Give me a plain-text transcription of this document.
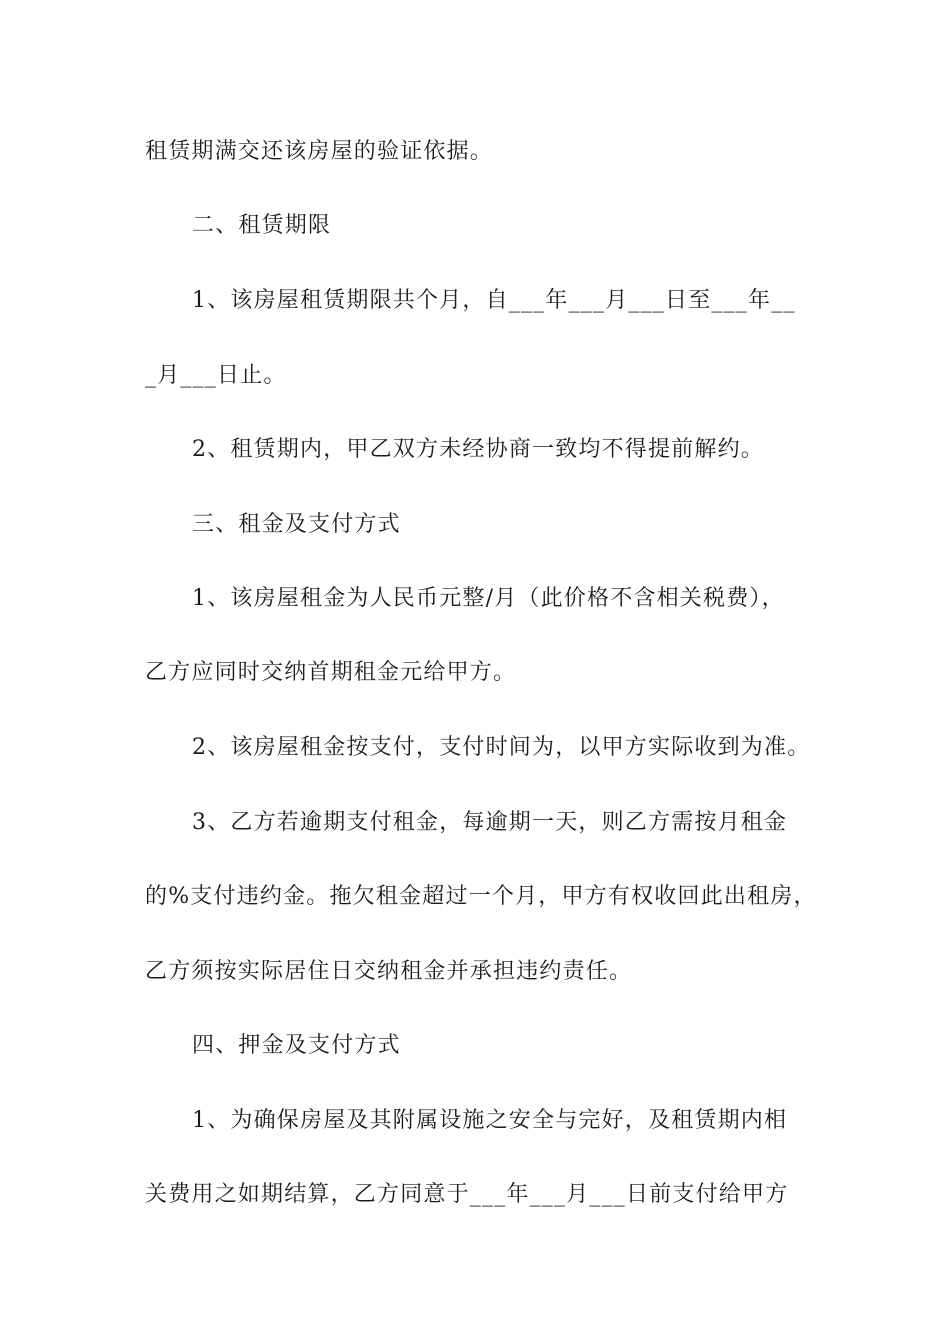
租赁期满交还该房屋的验证依据。
二、租赁期限
1、该房屋租赁期限共个月，自___年___月___日至___年__
_月___日止。
2、租赁期内，甲乙双方未经协商一致均不得提前解约。
三、租金及支付方式
1、该房屋租金为人民币元整/月（此价格不含相关税费），
乙方应同时交纳首期租金元给甲方。
2、该房屋租金按支付，支付时间为，以甲方实际收到为准。
3、乙方若逾期支付租金，每逾期一天，则乙方需按月租金
的%支付违约金。拖欠租金超过一个月，甲方有权收回此出租房，
乙方须按实际居住日交纳租金并承担违约责任。
四、押金及支付方式
1、为确保房屋及其附属设施之安全与完好，及租赁期内相
关费用之如期结算，乙方同意于___年___月___日前支付给甲方
